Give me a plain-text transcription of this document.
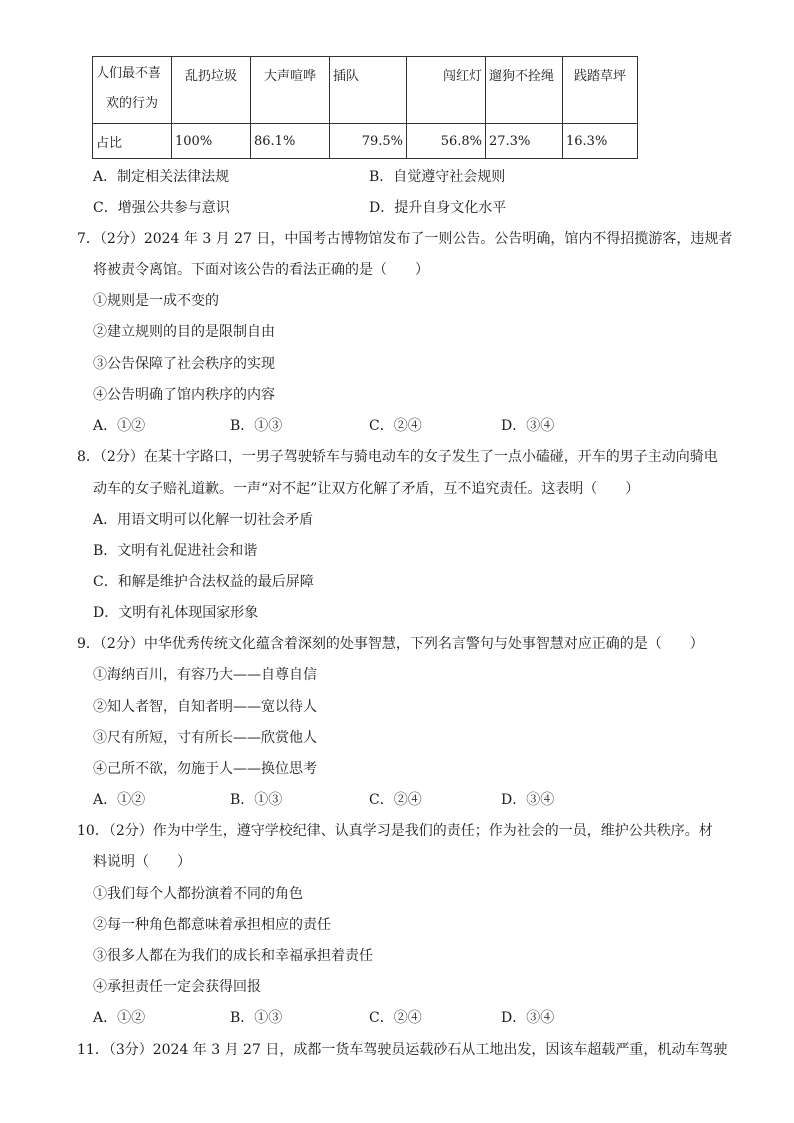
人们最不喜
欢的行为	乱扔垃圾	大声喧哗	插队	闯红灯	遛狗不拴绳	践踏草坪

占比	100%	86.1%	79.5%	56.8%	27.3%	16.3%
A．制定相关法律法规	B．自觉遵守社会规则
C．增强公共参与意识	D．提升自身文化水平
7．（2分）2024 年 3 月 27 日，中国考古博物馆发布了一则公告。公告明确，馆内不得招揽游客，违规者
将被责令离馆。下面对该公告的看法正确的是（　　）
①规则是一成不变的
②建立规则的目的是限制自由
③公告保障了社会秩序的实现
④公告明确了馆内秩序的内容
A．①②	B．①③	C．②④	D．③④
8．（2分）在某十字路口，一男子驾驶轿车与骑电动车的女子发生了一点小磕碰，开车的男子主动向骑电
动车的女子赔礼道歉。一声“对不起”让双方化解了矛盾，互不追究责任。这表明（　　）
A．用语文明可以化解一切社会矛盾
B．文明有礼促进社会和谐
C．和解是维护合法权益的最后屏障
D．文明有礼体现国家形象
9．（2分）中华优秀传统文化蕴含着深刻的处事智慧，下列名言警句与处事智慧对应正确的是（　　）
①海纳百川，有容乃大——自尊自信
②知人者智，自知者明——宽以待人
③尺有所短，寸有所长——欣赏他人
④己所不欲，勿施于人——换位思考
A．①②	B．①③	C．②④	D．③④
10．（2分）作为中学生，遵守学校纪律、认真学习是我们的责任；作为社会的一员，维护公共秩序。材
料说明（　　）
①我们每个人都扮演着不同的角色
②每一种角色都意味着承担相应的责任
③很多人都在为我们的成长和幸福承担着责任
④承担责任一定会获得回报
A．①②	B．①③	C．②④	D．③④
11．（3分）2024 年 3 月 27 日，成都一货车驾驶员运载砂石从工地出发，因该车超载严重，机动车驾驶
